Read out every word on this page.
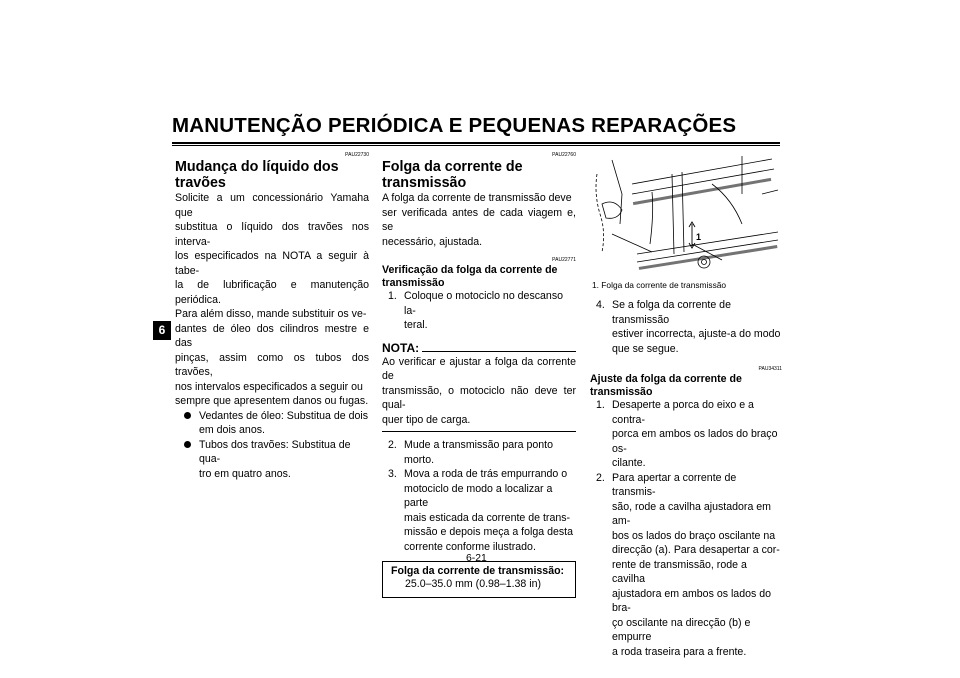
MANUTENÇÃO PERIÓDICA E PEQUENAS REPARAÇÕES
6
PAU22730
Mudança do líquido dos travões
Solicite a um concessionário Yamaha que
substitua o líquido dos travões nos interva-
los especificados na NOTA a seguir à tabe-
la de lubrificação e manutenção periódica.
Para além disso, mande substituir os ve-
dantes de óleo dos cilindros mestre e das
pinças, assim como os tubos dos travões,
nos intervalos especificados a seguir ou
sempre que apresentem danos ou fugas.
Vedantes de óleo: Substitua de dois
em dois anos.
Tubos dos travões: Substitua de qua-
tro em quatro anos.
PAU22760
Folga da corrente de
transmissão
A folga da corrente de transmissão deve
ser verificada antes de cada viagem e, se
necessário, ajustada.
PAU22771
Verificação da folga da corrente de
transmissão
1. Coloque o motociclo no descanso la-
teral.
NOTA:
Ao verificar e ajustar a folga da corrente de
transmissão, o motociclo não deve ter qual-
quer tipo de carga.
2. Mude a transmissão para ponto morto.
3. Mova a roda de trás empurrando o
motociclo de modo a localizar a parte
mais esticada da corrente de trans-
missão e depois meça a folga desta
corrente conforme ilustrado.
Folga da corrente de transmissão:
25.0–35.0 mm (0.98–1.38 in)
1
1. Folga da corrente de transmissão
4. Se a folga da corrente de transmissão
estiver incorrecta, ajuste-a do modo
que se segue.
PAU34311
Ajuste da folga da corrente de
transmissão
1. Desaperte a porca do eixo e a contra-
porca em ambos os lados do braço os-
cilante.
2. Para apertar a corrente de transmis-
são, rode a cavilha ajustadora em am-
bos os lados do braço oscilante na
direcção (a). Para desapertar a cor-
rente de transmissão, rode a cavilha
ajustadora em ambos os lados do bra-
ço oscilante na direcção (b) e empurre
a roda traseira para a frente.
6-21
